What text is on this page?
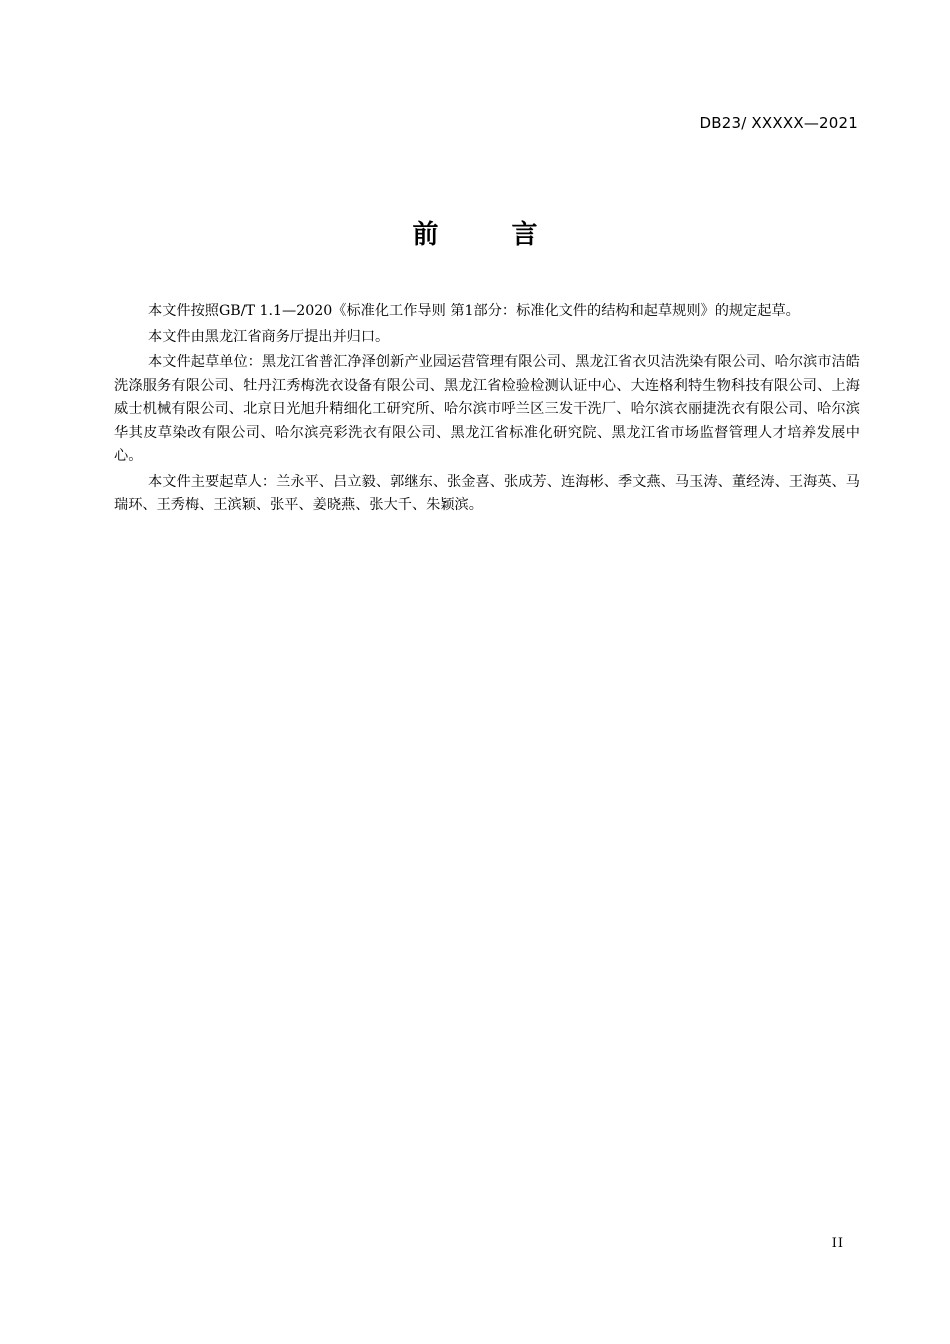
DB23/ XXXXX—2021
前 言

本文件按照GB/T 1.1—2020《标准化工作导则 第1部分：标准化文件的结构和起草规则》的规定起草。

本文件由黑龙江省商务厅提出并归口。

本文件起草单位：黑龙江省普汇净泽创新产业园运营管理有限公司、黑龙江省衣贝洁洗染有限公司、哈尔滨市洁皓洗涤服务有限公司、牡丹江秀梅洗衣设备有限公司、黑龙江省检验检测认证中心、大连格利特生物科技有限公司、上海威士机械有限公司、北京日光旭升精细化工研究所、哈尔滨市呼兰区三发干洗厂、哈尔滨衣丽捷洗衣有限公司、哈尔滨华其皮草染改有限公司、哈尔滨亮彩洗衣有限公司、黑龙江省标准化研究院、黑龙江省市场监督管理人才培养发展中心。

本文件主要起草人：兰永平、吕立毅、郭继东、张金喜、张成芳、连海彬、季文燕、马玉涛、董经涛、王海英、马瑞环、王秀梅、王滨颖、张平、姜晓燕、张大千、朱颖滨。

II
